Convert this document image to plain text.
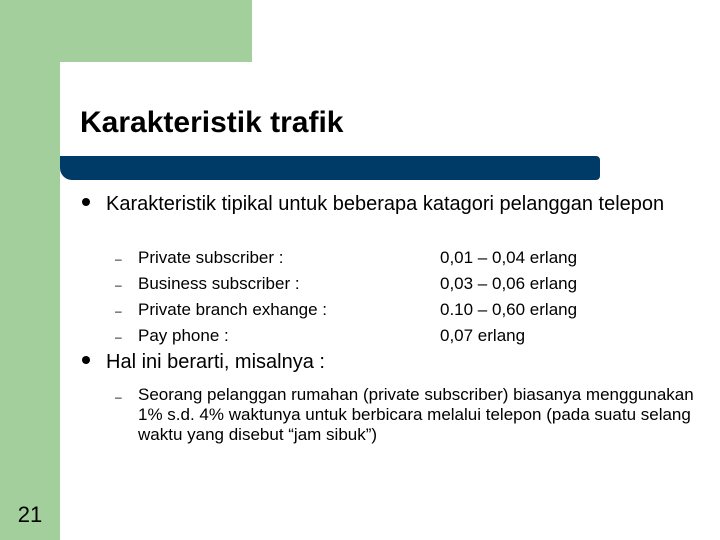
21
Karakteristik trafik
Karakteristik tipikal untuk beberapa katagori pelanggan telepon
– Private subscriber :	0,01 – 0,04 erlang
– Business subscriber :	0,03 – 0,06 erlang
– Private branch exhange :	0.10 – 0,60 erlang
– Pay phone :	0,07 erlang
Hal ini berarti, misalnya :
– Seorang pelanggan rumahan (private subscriber) biasanya menggunakan 1% s.d. 4% waktunya untuk berbicara melalui telepon (pada suatu selang waktu yang disebut “jam sibuk”)
